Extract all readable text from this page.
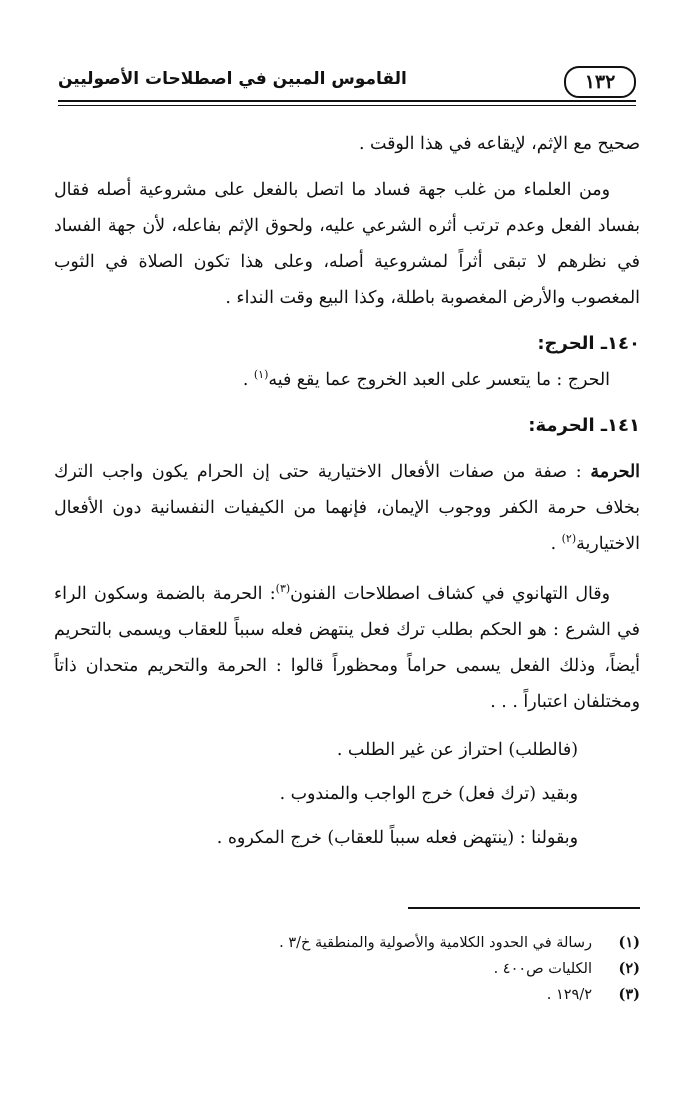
١٣٢
القاموس المبين في اصطلاحات الأصوليين

صحيح مع الإثم، لإيقاعه في هذا الوقت .

ومن العلماء من غلب جهة فساد ما اتصل بالفعل على مشروعية أصله فقال بفساد الفعل وعدم ترتب أثره الشرعي عليه، ولحوق الإثم بفاعله، لأن جهة الفساد في نظرهم لا تبقى أثراً لمشروعية أصله، وعلى هذا تكون الصلاة في الثوب المغصوب والأرض المغصوبة باطلة، وكذا البيع وقت النداء .

١٤٠ـ الحرج:

الحرج : ما يتعسر على العبد الخروج عما يقع فيه$^{(١)}$ .

١٤١ـ الحرمة:

الحرمة : صفة من صفات الأفعال الاختيارية حتى إن الحرام يكون واجب الترك بخلاف حرمة الكفر ووجوب الإيمان، فإنهما من الكيفيات النفسانية دون الأفعال الاختيارية$^{(٢)}$ .

وقال التهانوي في كشاف اصطلاحات الفنون$^{(٣)}$: الحرمة بالضمة وسكون الراء في الشرع : هو الحكم بطلب ترك فعل ينتهض فعله سبباً للعقاب ويسمى بالتحريم أيضاً، وذلك الفعل يسمى حراماً ومحظوراً قالوا : الحرمة والتحريم متحدان ذاتاً ومختلفان اعتباراً . . .

(فالطلب) احتراز عن غير الطلب .

وبقيد (ترك فعل) خرج الواجب والمندوب .

وبقولنا : (ينتهض فعله سبباً للعقاب) خرج المكروه .

(١)
رسالة في الحدود الكلامية والأصولية والمنطقية خ/٣ .
(٢)
الكليات ص٤٠٠ .
(٣)
١٢٩/٢ .
